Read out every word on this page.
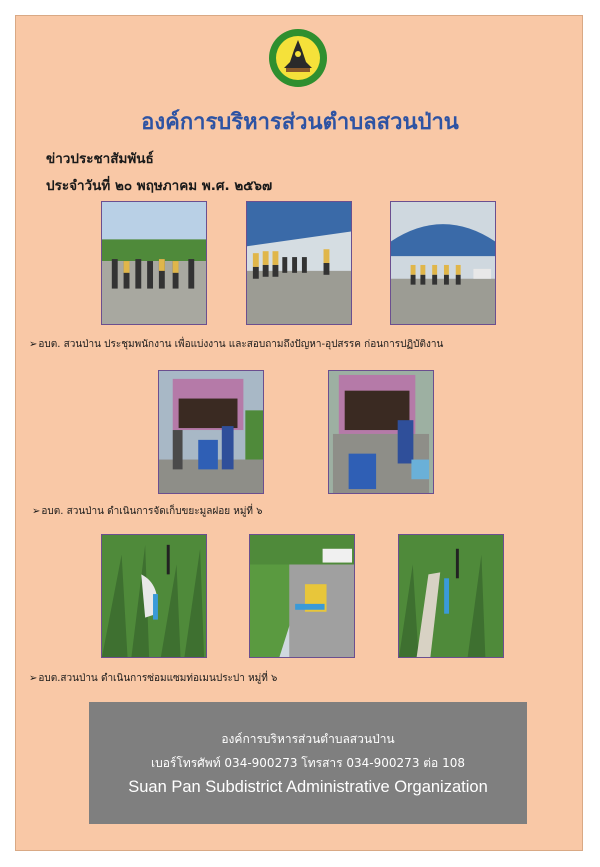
องค์การบริหารส่วนตำบลสวนป่าน
ข่าวประชาสัมพันธ์
ประจำวันที่ ๒๐ พฤษภาคม พ.ศ. ๒๕๖๗
➢อบต. สวนป่าน ประชุมพนักงาน เพื่อแบ่งงาน และสอบถามถึงปัญหา-อุปสรรค ก่อนการปฏิบัติงาน
➢อบต. สวนป่าน ดำเนินการจัดเก็บขยะมูลฝอย หมู่ที่ ๖
➢อบต.สวนป่าน ดำเนินการซ่อมแซมท่อเมนประปา หมู่ที่ ๖
องค์การบริหารส่วนตำบลสวนป่าน
เบอร์โทรศัพท์ 034-900273 โทรสาร 034-900273 ต่อ 108
Suan Pan Subdistrict Administrative Organization
